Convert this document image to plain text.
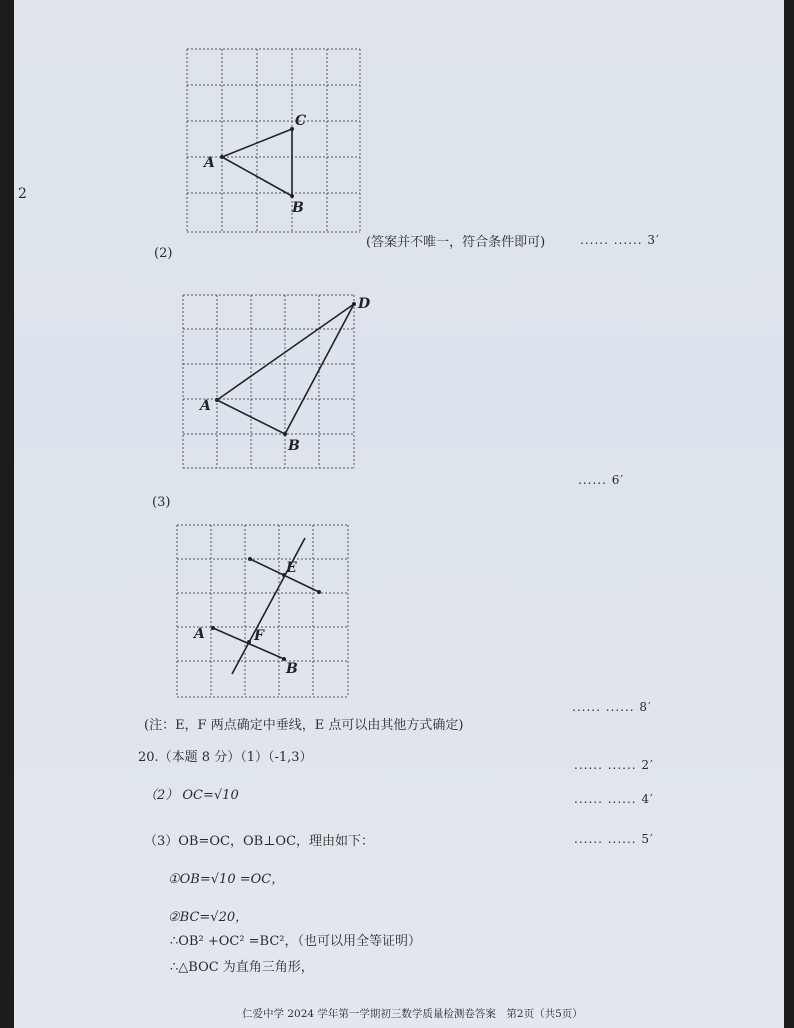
2
A
C
B
(答案并不唯一，符合条件即可)	...... ...... 3′
(2)
A
D
B
...... 6′
(3)
E
A	F
B
...... ...... 8′
(注：E，F 两点确定中垂线，E 点可以由其他方式确定)
20.（本题 8 分）（1）（-1,3）	...... ...... 2′
（2） OC=√10	...... ...... 4′
（3）OB=OC，OB⊥OC，理由如下：	...... ...... 5′
①OB=√10 =OC，
②BC=√20，
∴OB² +OC² =BC²，（也可以用全等证明）
∴△BOC 为直角三角形，
仁爱中学 2024 学年第一学期初三数学质量检测卷答案　第2页（共5页）
